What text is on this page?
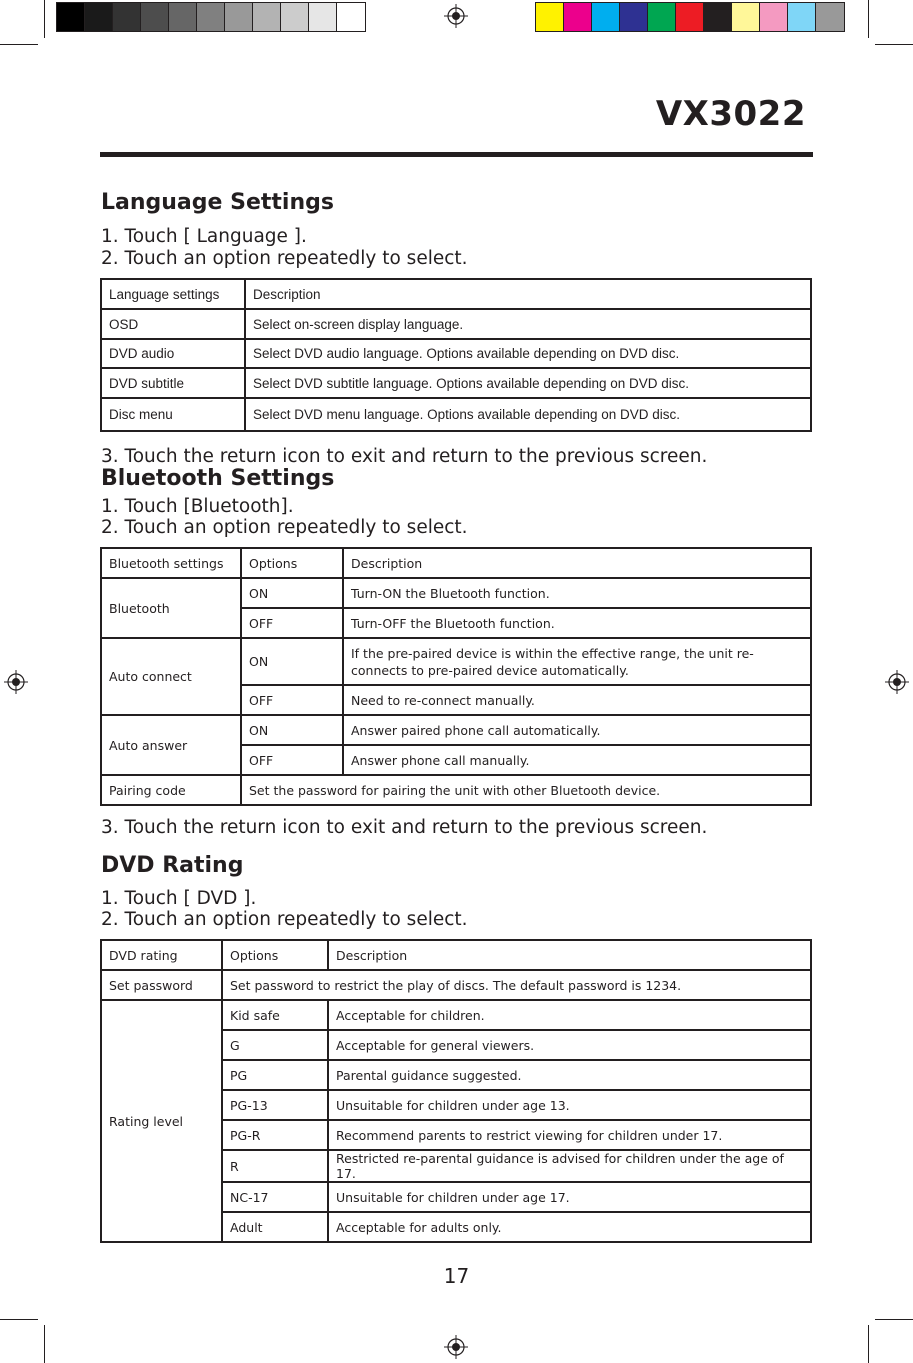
VX3022
Language Settings
1. Touch [ Language ].
2. Touch an option repeatedly to select.
Language settings	Description
OSD	Select on-screen display language.
DVD audio	Select DVD audio language. Options available depending on DVD disc.
DVD subtitle	Select DVD subtitle language. Options available depending on DVD disc.
Disc menu	Select DVD menu language. Options available depending on DVD disc.
3. Touch the return icon to exit and return to the previous screen.
Bluetooth Settings
1. Touch [Bluetooth].
2. Touch an option repeatedly to select.
Bluetooth settings	Options	Description
Bluetooth	ON	Turn-ON the Bluetooth function.
	OFF	Turn-OFF the Bluetooth function.
Auto connect	ON	If the pre-paired device is within the effective range, the unit re-connects to pre-paired device automatically.
	OFF	Need to re-connect manually.
Auto answer	ON	Answer paired phone call automatically.
	OFF	Answer phone call manually.
Pairing code	Set the password for pairing the unit with other Bluetooth device.	
3. Touch the return icon to exit and return to the previous screen.
DVD Rating
1. Touch [ DVD ].
2. Touch an option repeatedly to select.
DVD rating	Options	Description
Set password	Set password to restrict the play of discs. The default password is 1234.	
Rating level	Kid safe	Acceptable for children.
	G	Acceptable for general viewers.
	PG	Parental guidance suggested.
	PG-13	Unsuitable for children under age 13.
	PG-R	Recommend parents to restrict viewing for children under 17.
	R	Restricted re-parental guidance is advised for children under the age of 17.
	NC-17	Unsuitable for children under age 17.
	Adult	Acceptable for adults only.
17
